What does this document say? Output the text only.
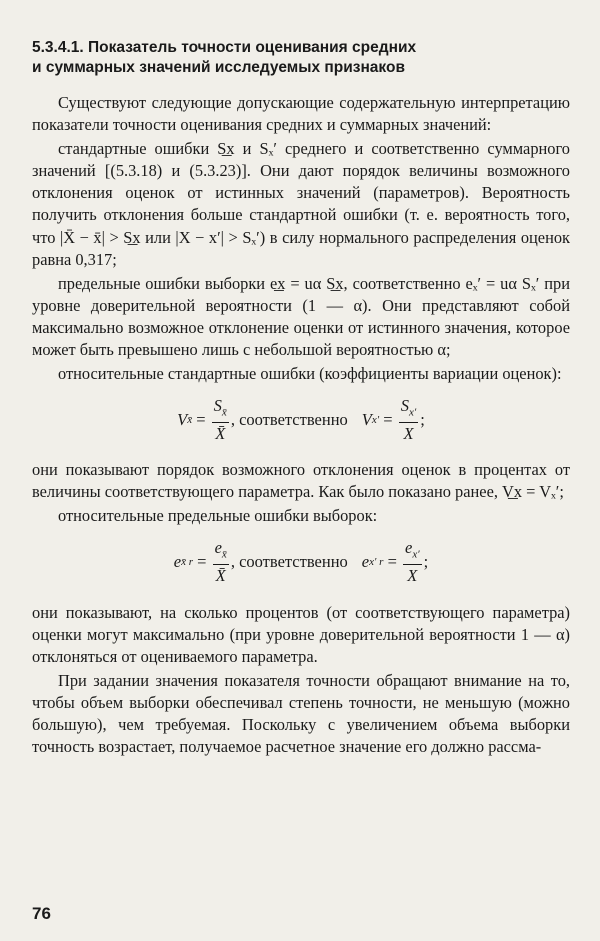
5.3.4.1. Показатель точности оценивания средних
и суммарных значений исследуемых признаков

Существуют следующие допускающие содержательную интерпретацию показатели точности оценивания средних и суммарных значений:

стандартные ошибки S͟x и Sₓ′ среднего и соответственно суммарного значений [(5.3.18) и (5.3.23)]. Они дают порядок величины возможного отклонения оценок от истинных значений (параметров). Вероятность получить отклонения больше стандартной ошибки (т. е. вероятность того, что |X̄ − x̄| > S͟x или |X − x′| > Sₓ′) в силу нормального распределения оценок равна 0,317;

предельные ошибки выборки e͟x = uα S͟x, соответственно eₓ′ = uα Sₓ′ при уровне доверительной вероятности (1 — α). Они представляют собой максимально возможное отклонение оценки от истинного значения, которое может быть превышено лишь с небольшой вероятностью α;

относительные стандартные ошибки (коэффициенты вариации оценок):

V x̄ = $\frac{S_{x̄}}{X̄}$ , соответственно V $x' = \frac{S_{x'}}{X}$ ;

они показывают порядок возможного отклонения оценок в процентах от величины соответствующего параметра. Как было показано ранее, V͟x = Vₓ′;

относительные предельные ошибки выборок:

e x̄ $r = \frac{e_{x̄}}{X̄}$ , соответственно e x′ $r = \frac{e_{x'}}{X}$ ;

они показывают, на сколько процентов (от соответствующего параметра) оценки могут максимально (при уровне доверительной вероятности 1 — α) отклоняться от оцениваемого параметра.

При задании значения показателя точности обращают внимание на то, чтобы объем выборки обеспечивал степень точности, не меньшую (можно большую), чем требуемая. Поскольку с увеличением объема выборки точность возрастает, получаемое расчетное значение его должно рассма-

76
